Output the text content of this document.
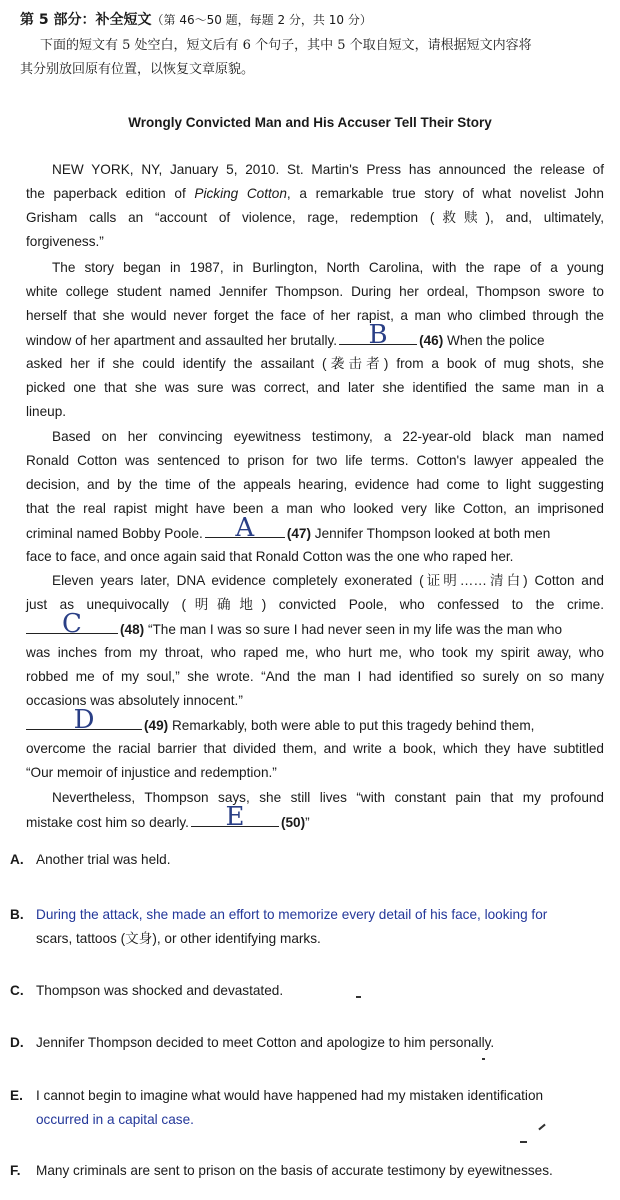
第 5 部分：补全短文（第 46～50 题，每题 2 分，共 10 分）
下面的短文有 5 处空白，短文后有 6 个句子，其中 5 个取自短文，请根据短文内容将
其分别放回原有位置，以恢复文章原貌。
Wrongly Convicted Man and His Accuser Tell Their Story
NEW YORK, NY, January 5, 2010. St. Martin's Press has announced the release of
the paperback edition of Picking Cotton, a remarkable true story of what novelist John
Grisham calls an “account of violence, rage, redemption (救赎), and, ultimately,
forgiveness.”
The story began in 1987, in Burlington, North Carolina, with the rape of a young
white college student named Jennifer Thompson. During her ordeal, Thompson swore to
herself that she would never forget the face of her rapist, a man who climbed through the
window of her apartment and assaulted her brutally. B (46) When the police
asked her if she could identify the assailant (袭击者) from a book of mug shots, she
picked one that she was sure was correct, and later she identified the same man in a
lineup.
Based on her convincing eyewitness testimony, a 22-year-old black man named
Ronald Cotton was sentenced to prison for two life terms. Cotton's lawyer appealed the
decision, and by the time of the appeals hearing, evidence had come to light suggesting
that the real rapist might have been a man who looked very like Cotton, an imprisoned
criminal named Bobby Poole. A (47) Jennifer Thompson looked at both men
face to face, and once again said that Ronald Cotton was the one who raped her.
Eleven years later, DNA evidence completely exonerated (证明……清白) Cotton and
just as unequivocally (明确地) convicted Poole, who confessed to the crime.
C	(48) “The man I was so sure I had never seen in my life was the man who
was inches from my throat, who raped me, who hurt me, who took my spirit away, who
robbed me of my soul,” she wrote. “And the man I had identified so surely on so many
occasions was absolutely innocent.”
D	(49) Remarkably, both were able to put this tragedy behind them,
overcome the racial barrier that divided them, and write a book, which they have subtitled
“Our memoir of injustice and redemption.”
Nevertheless, Thompson says, she still lives “with constant pain that my profound
mistake cost him so dearly. E	(50)”
A. Another trial was held.
B. During the attack, she made an effort to memorize every detail of his face, looking for
scars, tattoos (文身), or other identifying marks.
C. Thompson was shocked and devastated.
D. Jennifer Thompson decided to meet Cotton and apologize to him personally.
E. I cannot begin to imagine what would have happened had my mistaken identification
occurred in a capital case.
F. Many criminals are sent to prison on the basis of accurate testimony by eyewitnesses.
